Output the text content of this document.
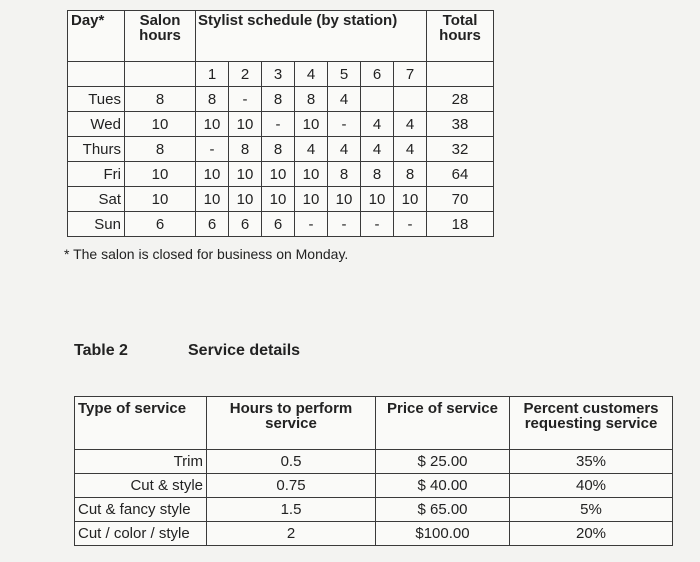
Day*	Salon hours	Stylist schedule (by station)							Total hours
		1	2	3	4	5	6	7	
Tues	8	8	-	8	8	4			28
Wed	10	10	10	-	10	-	4	4	38
Thurs	8	-	8	8	4	4	4	4	32
Fri	10	10	10	10	10	8	8	8	64
Sat	10	10	10	10	10	10	10	10	70
Sun	6	6	6	6	-	-	-	-	18
* The salon is closed for business on Monday.
Table 2	Service details
Type of service	Hours to perform service	Price of service	Percent customers requesting service
Trim	0.5	$ 25.00	35%
Cut & style	0.75	$ 40.00	40%
Cut & fancy style	1.5	$ 65.00	5%
Cut / color / style	2	$100.00	20%
